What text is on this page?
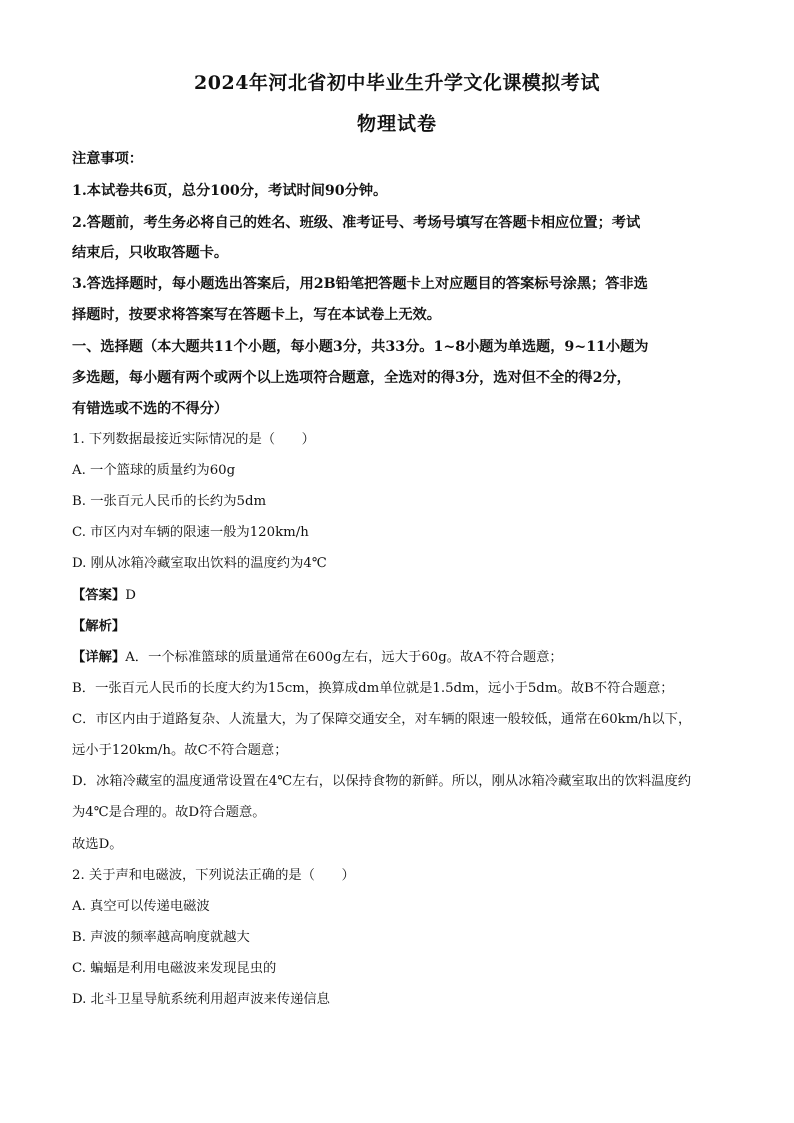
2024年河北省初中毕业生升学文化课模拟考试
物理试卷
注意事项：
1.本试卷共6页，总分100分，考试时间90分钟。
2.答题前，考生务必将自己的姓名、班级、准考证号、考场号填写在答题卡相应位置；考试
结束后，只收取答题卡。
3.答选择题时，每小题选出答案后，用2B铅笔把答题卡上对应题目的答案标号涂黑；答非选
择题时，按要求将答案写在答题卡上，写在本试卷上无效。
一、选择题（本大题共11个小题，每小题3分，共33分。1~8小题为单选题，9~11小题为
多选题，每小题有两个或两个以上选项符合题意，全选对的得3分，选对但不全的得2分，
有错选或不选的不得分）
1. 下列数据最接近实际情况的是（　　）
A. 一个篮球的质量约为60g
B. 一张百元人民币的长约为5dm
C. 市区内对车辆的限速一般为120km/h
D. 刚从冰箱冷藏室取出饮料的温度约为4℃
【答案】D
【解析】
【详解】A．一个标准篮球的质量通常在600g左右，远大于60g。故A不符合题意；
B．一张百元人民币的长度大约为15cm，换算成dm单位就是1.5dm，远小于5dm。故B不符合题意；
C．市区内由于道路复杂、人流量大，为了保障交通安全，对车辆的限速一般较低，通常在60km/h以下，
远小于120km/h。故C不符合题意；
D．冰箱冷藏室的温度通常设置在4℃左右，以保持食物的新鲜。所以，刚从冰箱冷藏室取出的饮料温度约
为4℃是合理的。故D符合题意。
故选D。
2. 关于声和电磁波，下列说法正确的是（　　）
A. 真空可以传递电磁波
B. 声波的频率越高响度就越大
C. 蝙蝠是利用电磁波来发现昆虫的
D. 北斗卫星导航系统利用超声波来传递信息
